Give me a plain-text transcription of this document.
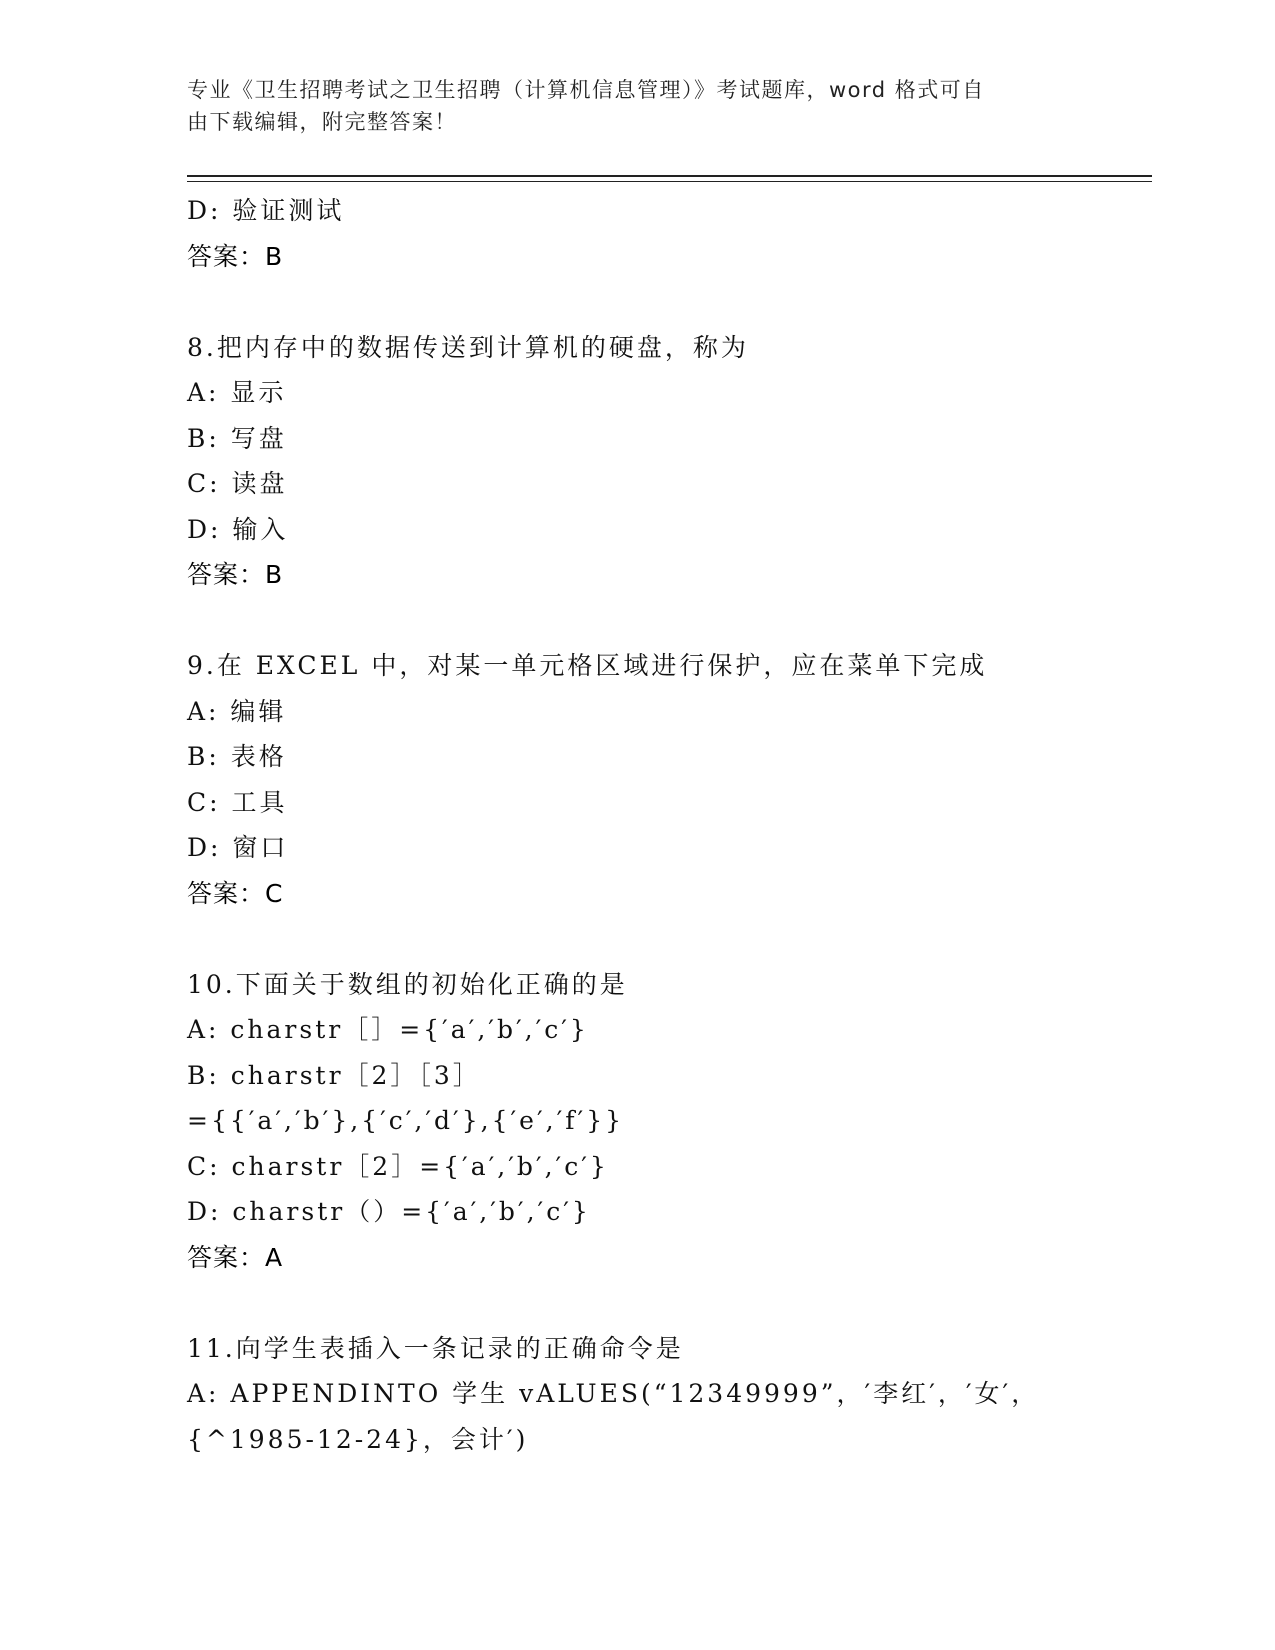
专业《卫生招聘考试之卫生招聘（计算机信息管理）》考试题库，word 格式可自
由下载编辑，附完整答案！
D: 验证测试
答案：B
8.把内存中的数据传送到计算机的硬盘，称为
A: 显示
B: 写盘
C: 读盘
D: 输入
答案：B
9.在 EXCEL 中，对某一单元格区域进行保护，应在菜单下完成
A: 编辑
B: 表格
C: 工具
D: 窗口
答案：C
10.下面关于数组的初始化正确的是
A: charstr［］={′a′,′b′,′c′}
B: charstr［2］［3］
={{′a′,′b′},{′c′,′d′},{′e′,′f′}}
C: charstr［2］={′a′,′b′,′c′}
D: charstr（）={′a′,′b′,′c′}
答案：A
11.向学生表插入一条记录的正确命令是
A: APPENDINTO 学生 vALUES(“12349999”，′李红′，′女′，
{^1985-12-24}，会计′)
